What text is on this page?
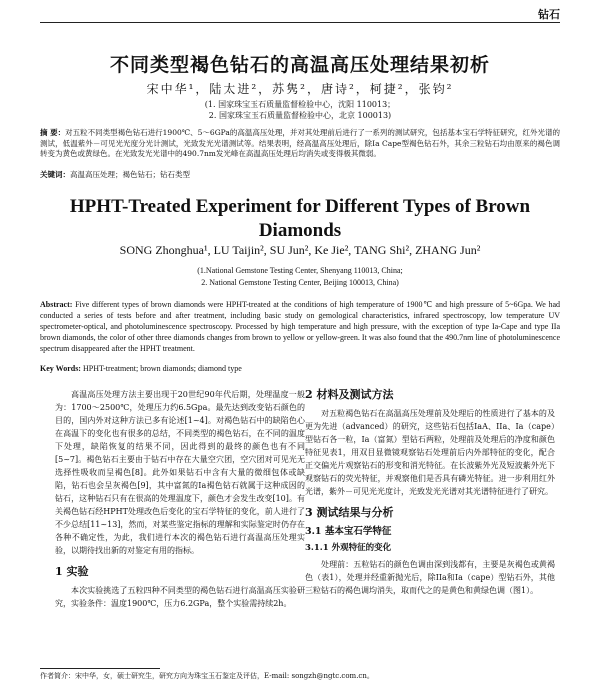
钻石
不同类型褐色钻石的高温高压处理结果初析
宋中华¹，陆太进²，苏隽²，唐诗²，柯捷²，张钧²
(1. 国家珠宝玉石质量监督检验中心，沈阳 110013；
2. 国家珠宝玉石质量监督检验中心，北京 100013)
摘 要：对五粒不同类型褐色钻石进行1900℃、5～6GPa的高温高压处理，并对其处理前后进行了一系列的测试研究，包括基本宝石学特征研究，红外光谱的测试，低温紫外－可见光光度分光计测试，光致发光光谱测试等。结果表明，经高温高压处理后，除Ia Cape型褐色钻石外，其余三粒钻石均由原来的褐色调转变为黄色或黄绿色。在光致发光光谱中的490.7nm发光峰在高温高压处理后均消失或变得极其微弱。
关键词：高温高压处理；褐色钻石；钻石类型
HPHT-Treated Experiment for Different Types of Brown Diamonds
SONG Zhonghua¹, LU Taijin², SU Jun², Ke Jie², TANG Shi², ZHANG Jun²
(1.National Gemstone Testing Center, Shenyang 110013, China;
2. National Gemstone Testing Center, Beijing 100013, China)
Abstract: Five different types of brown diamonds were HPHT-treated at the conditions of high temperature of 1900℃ and high pressure of 5~6Gpa. We had conducted a series of tests before and after treatment, including basic study on gemological characteristics, infrared spectroscopy, low temperature UV spectrometer-optical, and photoluminescence spectroscopy. Processed by high temperature and high pressure, with the exception of type Ia-Cape and type IIa brown diamonds, the color of other three diamonds changes from brown to yellow or yellow-green. It was also found that the 490.7nm line of photoluminescence spectrum disappeared after the HPHT treatment.
Key Words: HPHT-treatment; brown diamonds; diamond type

高温高压处理方法主要出现于20世纪90年代后期，处理温度一般为：1700～2500℃，处理压力约6.5Gpa。最先达到改变钻石颜色的目的，国内外对这种方法已多有论述[1~4]。对褐色钻石中的缺陷色心在高温下的变化也有很多的总结，不同类型的褐色钻石，在不同的温度下处理，缺陷恢复的结果不同，因此得到的最终的颜色也有不同[5~7]。褐色钻石主要由于钻石中存在大量空穴团，空穴团对可见光无选择性吸收而呈褐色[8]。此外如果钻石中含有大量的微细包体或缺陷，钻石也会呈灰褐色[9]，其中富氮的Ia褐色钻石就属于这种成因的钻石，这种钻石只有在很高的处理温度下，颜色才会发生改变[10]。有关褐色钻石经HPHT处理改色后变化的宝石学特征的变化，前人进行了不少总结[11~13]，然而，对某些鉴定指标的理解和实际鉴定时仍存在各种不确定性，为此，我们进行本次的褐色钻石进行高温高压处理实验，以期待找出新的对鉴定有用的指标。

1 实验

本次实验挑选了五粒四种不同类型的褐色钻石进行高温高压实验研究，实验条件：温度1900℃，压力6.2GPa，整个实验需持续2h。

2 材料及测试方法

对五粒褐色钻石在高温高压处理前及处理后的性质进行了基本的及更为先进（advanced）的研究，这些钻石包括IaA、IIa、Ia（cape）型钻石各一粒，Ia（富氮）型钻石两粒，处理前及处理后的净度和颜色特征见表1，用双目显微镜观察钻石处理前后内外部特征的变化，配合正交偏光片观察钻石的形变和消光特征。在长波紫外光及短波紫外光下观察钻石的荧光特征，并观察他们是否具有磷光特征。进一步利用红外光谱，紫外－可见光光度计，光致发光光谱对其光谱特征进行了研究。

3 测试结果与分析
3.1 基本宝石学特征
3.1.1 外观特征的变化

处理前：五粒钻石的颜色色调由深到浅都有，主要是灰褐色或黄褐色（表1），处理并经重新抛光后，除IIa和Ia（cape）型钻石外，其他三粒钻石的褐色调均消失，取而代之的是黄色和黄绿色调（图1）。

作者简介：宋中华，女，硕士研究生，研究方向为珠宝玉石鉴定及评估，E-mail: songzh@ngtc.com.cn。
